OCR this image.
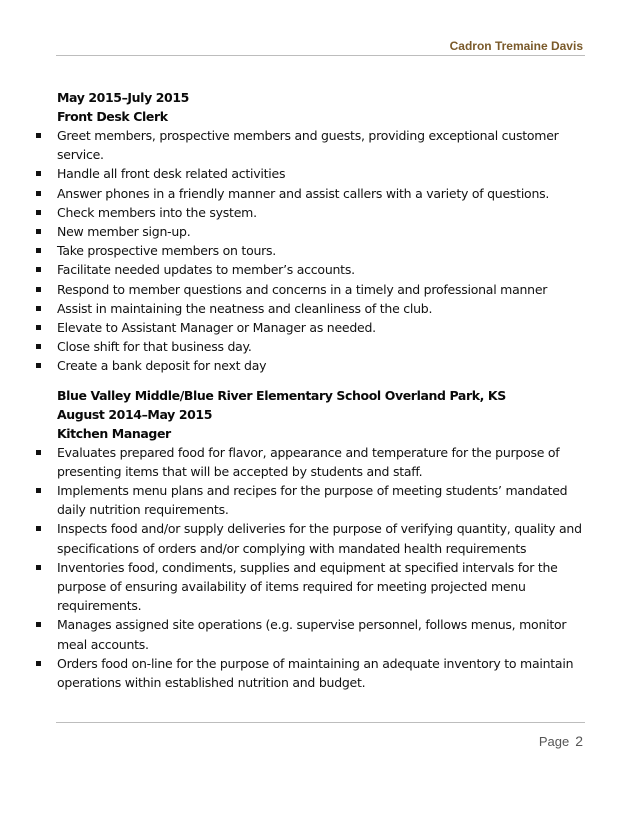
Cadron Tremaine Davis
May 2015–July 2015
Front Desk Clerk
Greet members, prospective members and guests, providing exceptional customer service.
Handle all front desk related activities
Answer phones in a friendly manner and assist callers with a variety of questions.
Check members into the system.
New member sign-up.
Take prospective members on tours.
Facilitate needed updates to member’s accounts.
Respond to member questions and concerns in a timely and professional manner
Assist in maintaining the neatness and cleanliness of the club.
Elevate to Assistant Manager or Manager as needed.
Close shift for that business day.
Create a bank deposit for next day
Blue Valley Middle/Blue River Elementary School Overland Park, KS
August 2014–May 2015
Kitchen Manager
Evaluates prepared food for flavor, appearance and temperature for the purpose of presenting items that will be accepted by students and staff.
Implements menu plans and recipes for the purpose of meeting students’ mandated daily nutrition requirements.
Inspects food and/or supply deliveries for the purpose of verifying quantity, quality and specifications of orders and/or complying with mandated health requirements
Inventories food, condiments, supplies and equipment at specified intervals for the purpose of ensuring availability of items required for meeting projected menu requirements.
Manages assigned site operations (e.g. supervise personnel, follows menus, monitor meal accounts.
Orders food on-line for the purpose of maintaining an adequate inventory to maintain operations within established nutrition and budget.
Page 2
